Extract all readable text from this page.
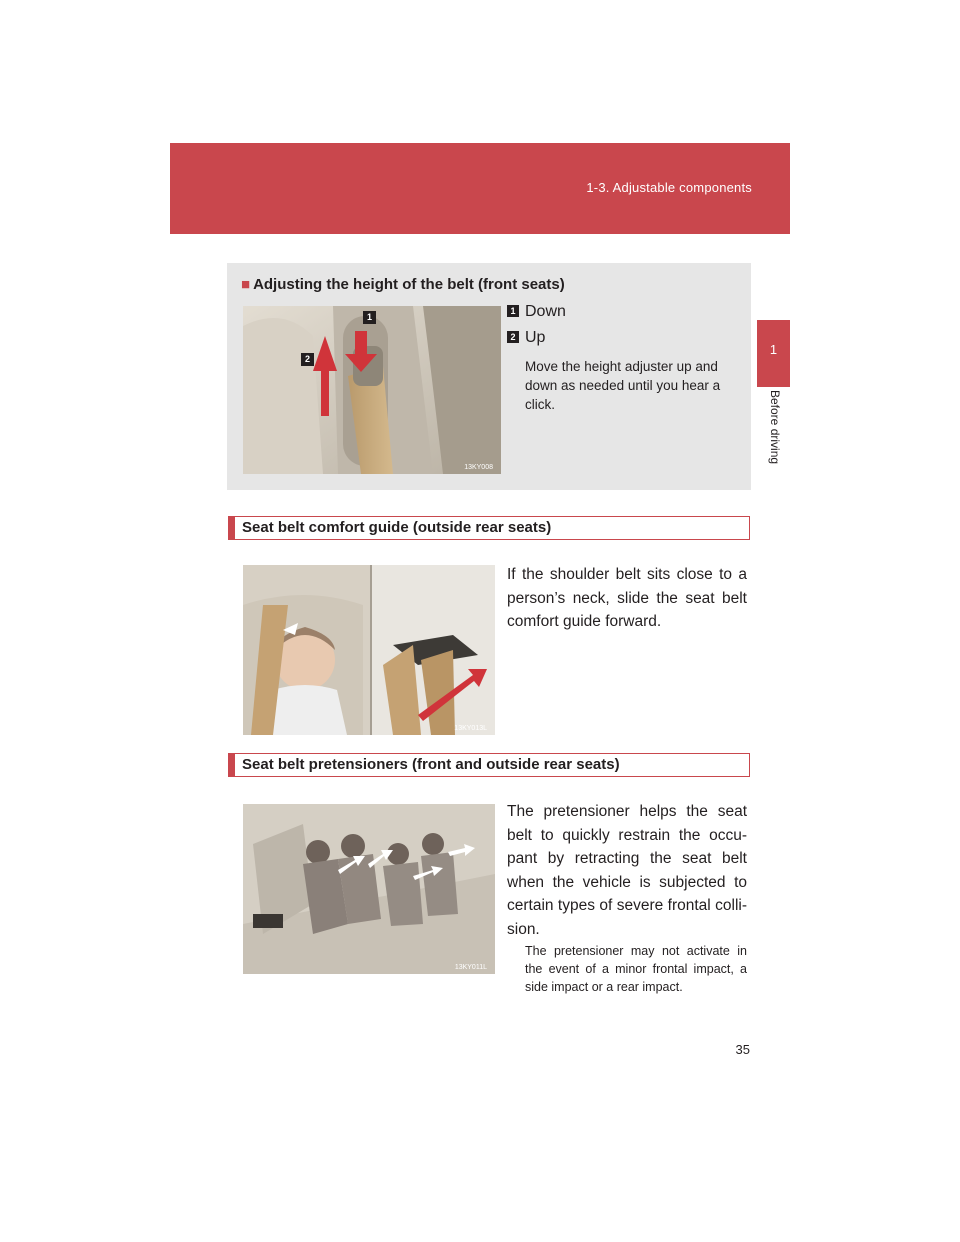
1-3. Adjustable components
1
Before driving
■ Adjusting the height of the belt (front seats)
1
2
13KY008
1 Down
2 Up
Move the height adjuster up and down as needed until you hear a click.
Seat belt comfort guide (outside rear seats)
13KY013L
If the shoulder belt sits close to a person’s neck, slide the seat belt comfort guide forward.
Seat belt pretensioners (front and outside rear seats)
13KY011L
The pretensioner helps the seat belt to quickly restrain the occu-pant by retracting the seat belt when the vehicle is subjected to certain types of severe frontal colli-sion.
The pretensioner may not activate in the event of a minor frontal impact, a side impact or a rear impact.
35
